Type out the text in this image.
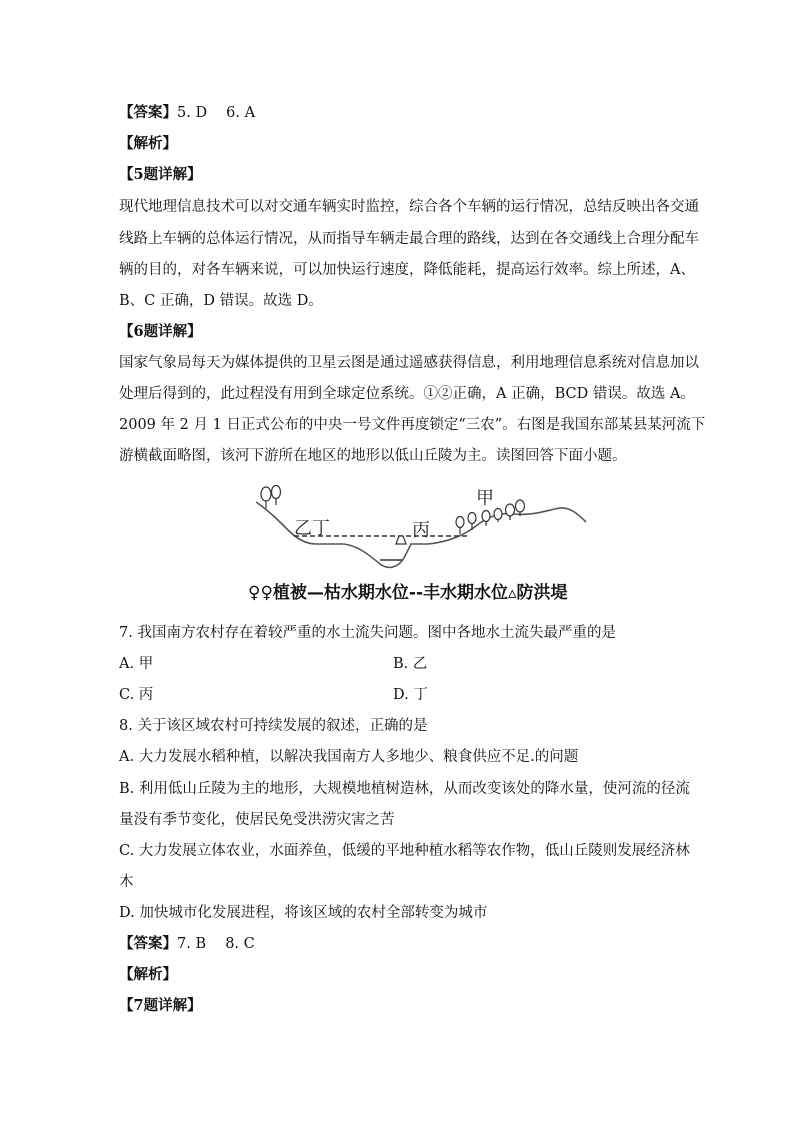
【答案】5. D　 6. A
【解析】
【5题详解】
现代地理信息技术可以对交通车辆实时监控，综合各个车辆的运行情况，总结反映出各交通
线路上车辆的总体运行情况，从而指导车辆走最合理的路线，达到在各交通线上合理分配车
辆的目的，对各车辆来说，可以加快运行速度，降低能耗，提高运行效率。综上所述，A、
B、C 正确，D 错误。故选 D。
【6题详解】
国家气象局每天为媒体提供的卫星云图是通过遥感获得信息，利用地理信息系统对信息加以
处理后得到的，此过程没有用到全球定位系统。①②正确，A 正确，BCD 错误。故选 A。
2009 年 2 月 1 日正式公布的中央一号文件再度锁定“三农”。右图是我国东部某县某河流下
游横截面略图，该河下游所在地区的地形以低山丘陵为主。读图回答下面小题。
甲
乙丁	丙
♀♀植被—枯水期水位--丰水期水位▵防洪堤
7. 我国南方农村存在着较严重的水土流失问题。图中各地水土流失最严重的是
A. 甲	B. 乙
C. 丙	D. 丁
8. 关于该区域农村可持续发展的叙述，正确的是
A. 大力发展水稻种植，以解决我国南方人多地少、粮食供应不足.的问题
B. 利用低山丘陵为主的地形，大规模地植树造林，从而改变该处的降水量，使河流的径流
量没有季节变化，使居民免受洪涝灾害之苦
C. 大力发展立体农业，水面养鱼，低缓的平地种植水稻等农作物，低山丘陵则发展经济林
木
D. 加快城市化发展进程，将该区域的农村全部转变为城市
【答案】7. B　 8. C
【解析】
【7题详解】
